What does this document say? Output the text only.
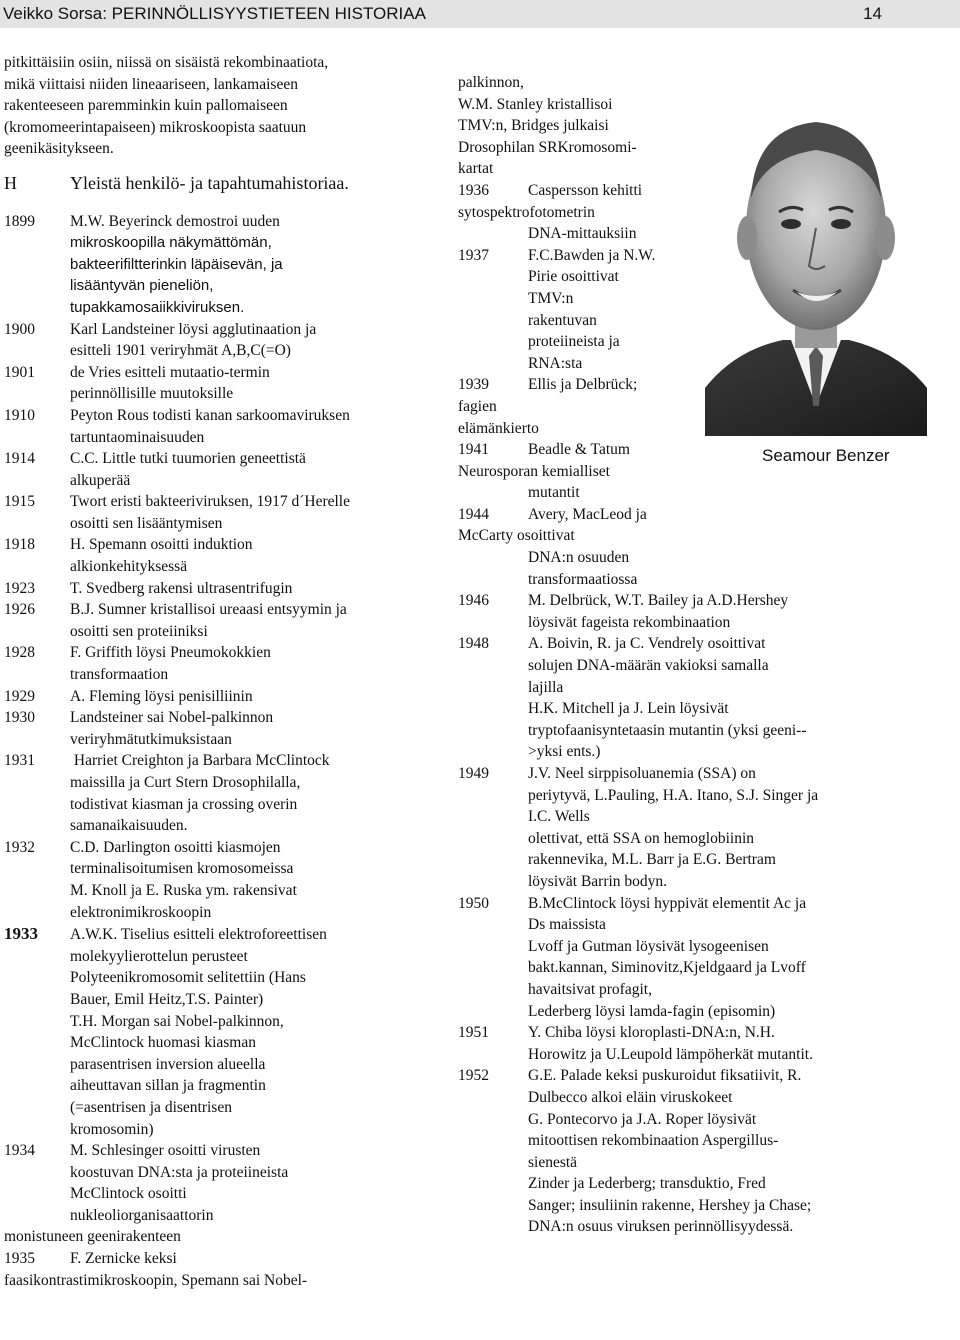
Veikko Sorsa: PERINNÖLLISYYSTIETEEN HISTORIAA	14
pitkittäisiin osiin, niissä on sisäistä rekombinaatiota,
mikä viittaisi niiden lineaariseen, lankamaiseen
rakenteeseen paremminkin kuin pallomaiseen
(kromomeerintapaiseen) mikroskoopista saatuun
geenikäsitykseen.
H	Yleistä henkilö- ja tapahtumahistoriaa.
1899 M.W. Beyerinck demostroi uuden
mikroskoopilla näkymättömän,
bakteerifiltterinkin läpäisevän, ja
lisääntyvän pieneliön,
tupakkamosaiikkiviruksen.
1900 Karl Landsteiner löysi agglutinaation ja
esitteli 1901 veriryhmät A,B,C(=O)
1901 de Vries esitteli mutaatio-termin
perinnöllisille muutoksille
1910 Peyton Rous todisti kanan sarkoomaviruksen
tartuntaominaisuuden
1914 C.C. Little tutki tuumorien geneettistä
alkuperää
1915 Twort eristi bakteeriviruksen, 1917 d´Herelle
osoitti sen lisääntymisen
1918 H. Spemann osoitti induktion
alkionkehityksessä
1923 T. Svedberg rakensi ultrasentrifugin
1926 B.J. Sumner kristallisoi ureaasi entsyymin ja
osoitti sen proteiiniksi
1928 F. Griffith löysi Pneumokokkien
transformaation
1929 A. Fleming löysi penisilliinin
1930 Landsteiner sai Nobel-palkinnon
veriryhmätutkimuksistaan
1931 Harriet Creighton ja Barbara McClintock
maissilla ja Curt Stern Drosophilalla,
todistivat kiasman ja crossing overin
samanaikaisuuden.
1932 C.D. Darlington osoitti kiasmojen
terminalisoitumisen kromosomeissa
M. Knoll ja E. Ruska ym. rakensivat
elektronimikroskoopin
1933 A.W.K. Tiselius esitteli elektroforeettisen
molekyylierottelun perusteet
Polyteenikromosomit selitettiin (Hans
Bauer, Emil Heitz,T.S. Painter)
T.H. Morgan sai Nobel-palkinnon,
McClintock huomasi kiasman
parasentrisen inversion alueella
aiheuttavan sillan ja fragmentin
(=asentrisen ja disentrisen
kromosomin)
1934 M. Schlesinger osoitti virusten
koostuvan DNA:sta ja proteiineista
McClintock osoitti
nukleoliorganisaattorin
monistuneen geenirakenteen
1935 F. Zernicke keksi
faasikontrastimikroskoopin, Spemann sai Nobel-
palkinnon,
W.M. Stanley kristallisoi
TMV:n, Bridges julkaisi
Drosophilan SRKromosomi-
kartat
1936	Caspersson kehitti
sytospektrofotometrin
DNA-mittauksiin
1937	F.C.Bawden ja N.W.
Pirie osoittivat
TMV:n
rakentuvan
proteiineista ja
RNA:sta
1939	Ellis ja Delbrück;
fagien
elämänkierto
1941	Beadle & Tatum
Neurosporan kemialliset
mutantit
1944	Avery, MacLeod ja
McCarty osoittivat
DNA:n osuuden
transformaatiossa
1946	M. Delbrück, W.T. Bailey ja A.D.Hershey
löysivät fageista rekombinaation
1948	A. Boivin, R. ja C. Vendrely osoittivat
solujen DNA-määrän vakioksi samalla
lajilla
H.K. Mitchell ja J. Lein löysivät
tryptofaanisyntetaasin mutantin (yksi geeni--
>yksi ents.)
1949	J.V. Neel sirppisoluanemia (SSA) on
periytyvä, L.Pauling, H.A. Itano, S.J. Singer ja
I.C. Wells
olettivat, että SSA on hemoglobiinin
rakennevika, M.L. Barr ja E.G. Bertram
löysivät Barrin bodyn.
1950	B.McClintock löysi hyppivät elementit Ac ja
Ds maissista
Lvoff ja Gutman löysivät lysogeenisen
bakt.kannan, Siminovitz,Kjeldgaard ja Lvoff
havaitsivat profagit,
Lederberg löysi lamda-fagin (episomin)
1951	Y. Chiba löysi kloroplasti-DNA:n, N.H.
Horowitz ja U.Leupold lämpöherkät mutantit.
1952	G.E. Palade keksi puskuroidut fiksatiivit, R.
Dulbecco alkoi eläin viruskokeet
G. Pontecorvo ja J.A. Roper löysivät
mitoottisen rekombinaation Aspergillus-
sienestä
Zinder ja Lederberg; transduktio, Fred
Sanger; insuliinin rakenne, Hershey ja Chase;
DNA:n osuus viruksen perinnöllisyydessä.
Seamour Benzer
